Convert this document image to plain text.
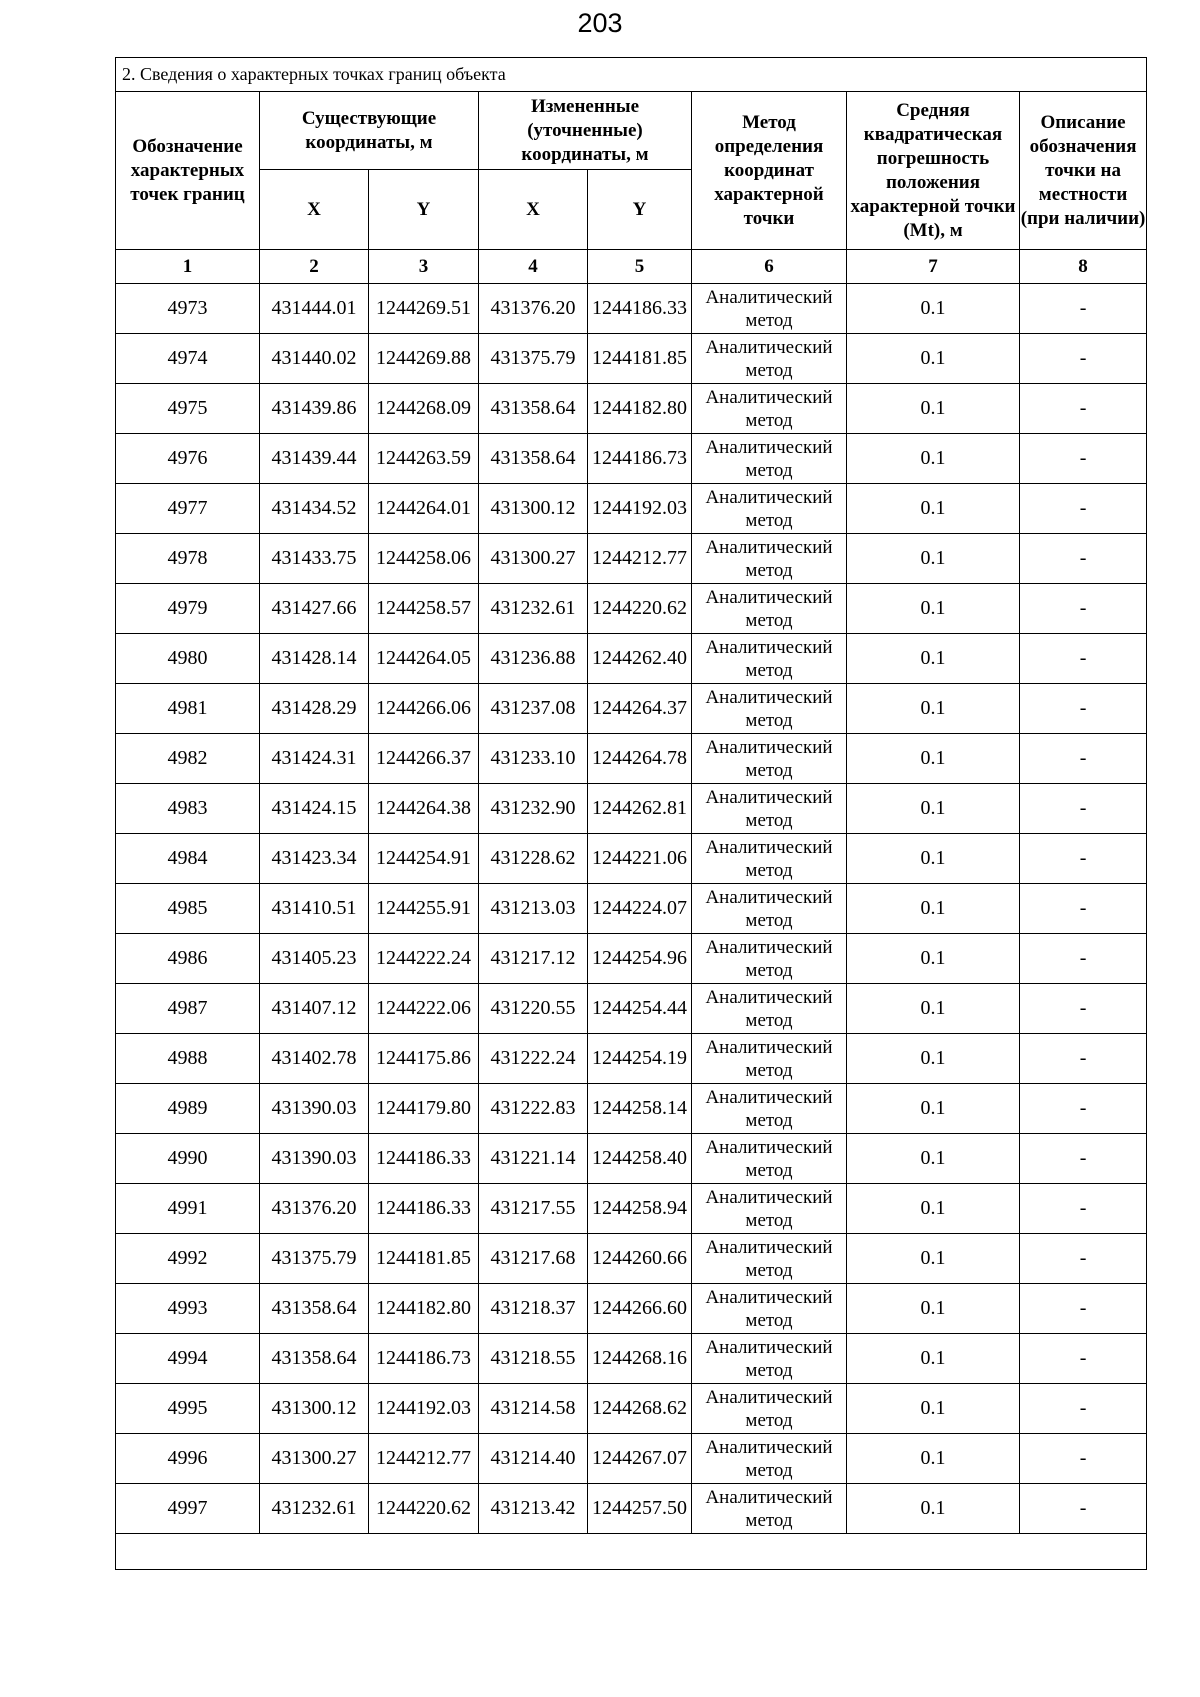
203
2. Сведения о характерных точках границ объекта							
Обозначение характерных точек границ	Существующие координаты, м		Измененные (уточненные) координаты, м		Метод определения координат характерной точки	Средняя квадратическая погрешность положения характерной точки (Mt), м	Описание обозначения точки на местности (при наличии)
	X	Y	X	Y			
1	2	3	4	5	6	7	8
4973	431444.01	1244269.51	431376.20	1244186.33	Аналитический метод	0.1	-
4974	431440.02	1244269.88	431375.79	1244181.85	Аналитический метод	0.1	-
4975	431439.86	1244268.09	431358.64	1244182.80	Аналитический метод	0.1	-
4976	431439.44	1244263.59	431358.64	1244186.73	Аналитический метод	0.1	-
4977	431434.52	1244264.01	431300.12	1244192.03	Аналитический метод	0.1	-
4978	431433.75	1244258.06	431300.27	1244212.77	Аналитический метод	0.1	-
4979	431427.66	1244258.57	431232.61	1244220.62	Аналитический метод	0.1	-
4980	431428.14	1244264.05	431236.88	1244262.40	Аналитический метод	0.1	-
4981	431428.29	1244266.06	431237.08	1244264.37	Аналитический метод	0.1	-
4982	431424.31	1244266.37	431233.10	1244264.78	Аналитический метод	0.1	-
4983	431424.15	1244264.38	431232.90	1244262.81	Аналитический метод	0.1	-
4984	431423.34	1244254.91	431228.62	1244221.06	Аналитический метод	0.1	-
4985	431410.51	1244255.91	431213.03	1244224.07	Аналитический метод	0.1	-
4986	431405.23	1244222.24	431217.12	1244254.96	Аналитический метод	0.1	-
4987	431407.12	1244222.06	431220.55	1244254.44	Аналитический метод	0.1	-
4988	431402.78	1244175.86	431222.24	1244254.19	Аналитический метод	0.1	-
4989	431390.03	1244179.80	431222.83	1244258.14	Аналитический метод	0.1	-
4990	431390.03	1244186.33	431221.14	1244258.40	Аналитический метод	0.1	-
4991	431376.20	1244186.33	431217.55	1244258.94	Аналитический метод	0.1	-
4992	431375.79	1244181.85	431217.68	1244260.66	Аналитический метод	0.1	-
4993	431358.64	1244182.80	431218.37	1244266.60	Аналитический метод	0.1	-
4994	431358.64	1244186.73	431218.55	1244268.16	Аналитический метод	0.1	-
4995	431300.12	1244192.03	431214.58	1244268.62	Аналитический метод	0.1	-
4996	431300.27	1244212.77	431214.40	1244267.07	Аналитический метод	0.1	-
4997	431232.61	1244220.62	431213.42	1244257.50	Аналитический метод	0.1	-
